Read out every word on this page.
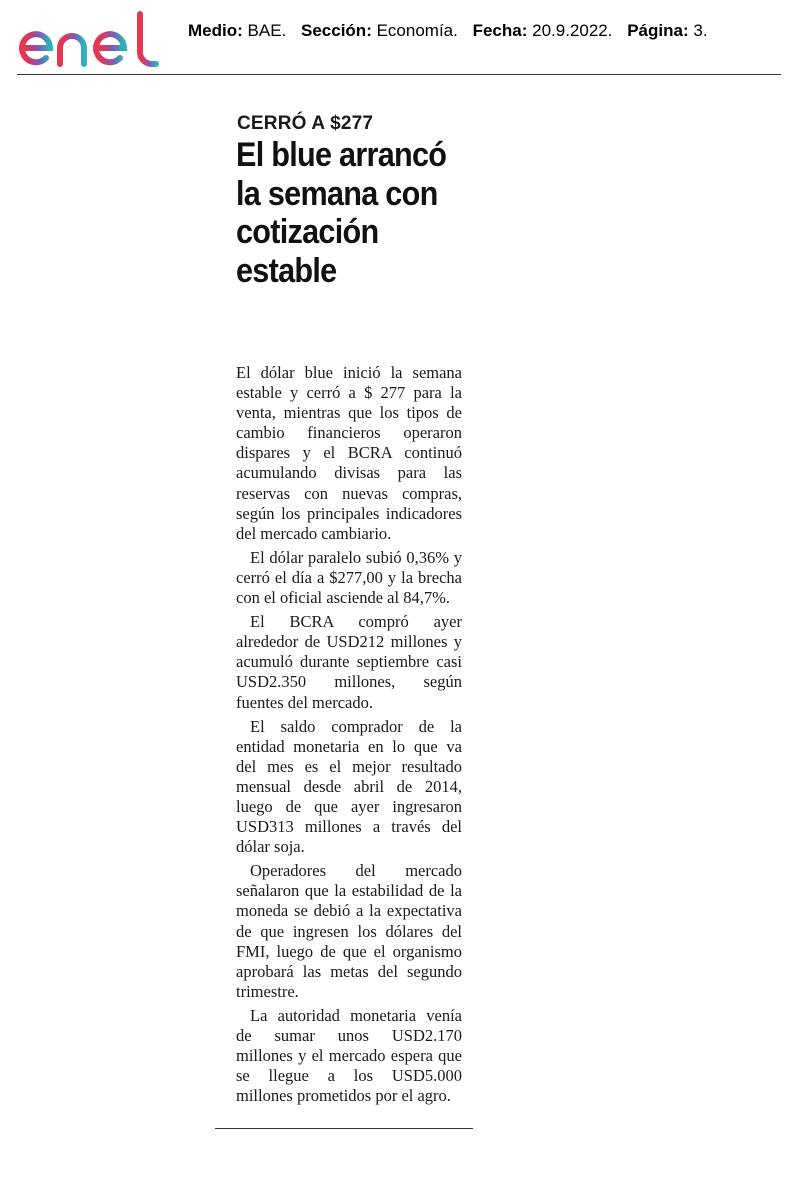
Medio: BAE. Sección: Economía. Fecha: 20.9.2022. Página: 3.
CERRÓ A $277
El blue arrancó la semana con cotización estable

El dólar blue inició la semana estable y cerró a $ 277 para la venta, mientras que los tipos de cambio financieros operaron dispares y el BCRA continuó acumulando divisas para las reservas con nuevas compras, según los principales indicadores del mercado cambiario.

El dólar paralelo subió 0,36% y cerró el día a $277,00 y la brecha con el oficial asciende al 84,7%.

El BCRA compró ayer alrededor de USD212 millones y acumuló durante septiembre casi USD2.350 millones, según fuentes del mercado.

El saldo comprador de la entidad monetaria en lo que va del mes es el mejor resultado mensual desde abril de 2014, luego de que ayer ingresaron USD313 millones a través del dólar soja.

Operadores del mercado señalaron que la estabilidad de la moneda se debió a la expectativa de que ingresen los dólares del FMI, luego de que el organismo aprobará las metas del segundo trimestre.

La autoridad monetaria venía de sumar unos USD2.170 millones y el mercado espera que se llegue a los USD5.000 millones prometidos por el agro.
